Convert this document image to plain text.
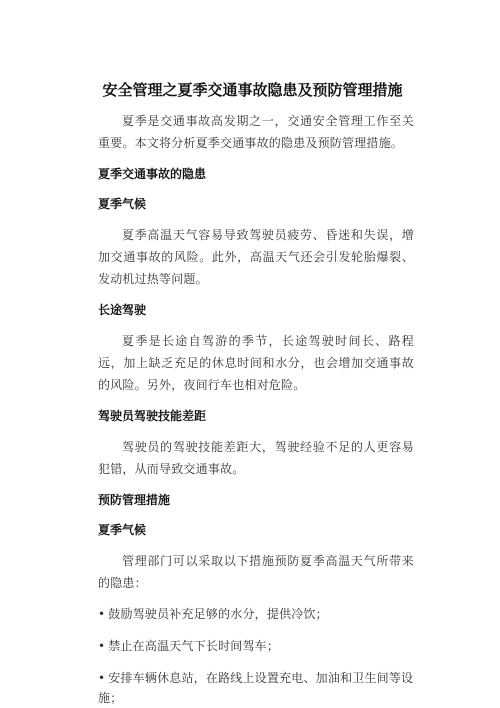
安全管理之夏季交通事故隐患及预防管理措施

夏季是交通事故高发期之一，交通安全管理工作至关重要。本文将分析夏季交通事故的隐患及预防管理措施。

夏季交通事故的隐患
夏季气候

夏季高温天气容易导致驾驶员疲劳、昏迷和失误，增加交通事故的风险。此外，高温天气还会引发轮胎爆裂、发动机过热等问题。

长途驾驶

夏季是长途自驾游的季节，长途驾驶时间长、路程远，加上缺乏充足的休息时间和水分，也会增加交通事故的风险。另外，夜间行车也相对危险。

驾驶员驾驶技能差距

驾驶员的驾驶技能差距大，驾驶经验不足的人更容易犯错，从而导致交通事故。

预防管理措施
夏季气候

管理部门可以采取以下措施预防夏季高温天气所带来的隐患：

• 鼓励驾驶员补充足够的水分，提供冷饮；
• 禁止在高温天气下长时间驾车；
• 安排车辆休息站，在路线上设置充电、加油和卫生间等设施；
